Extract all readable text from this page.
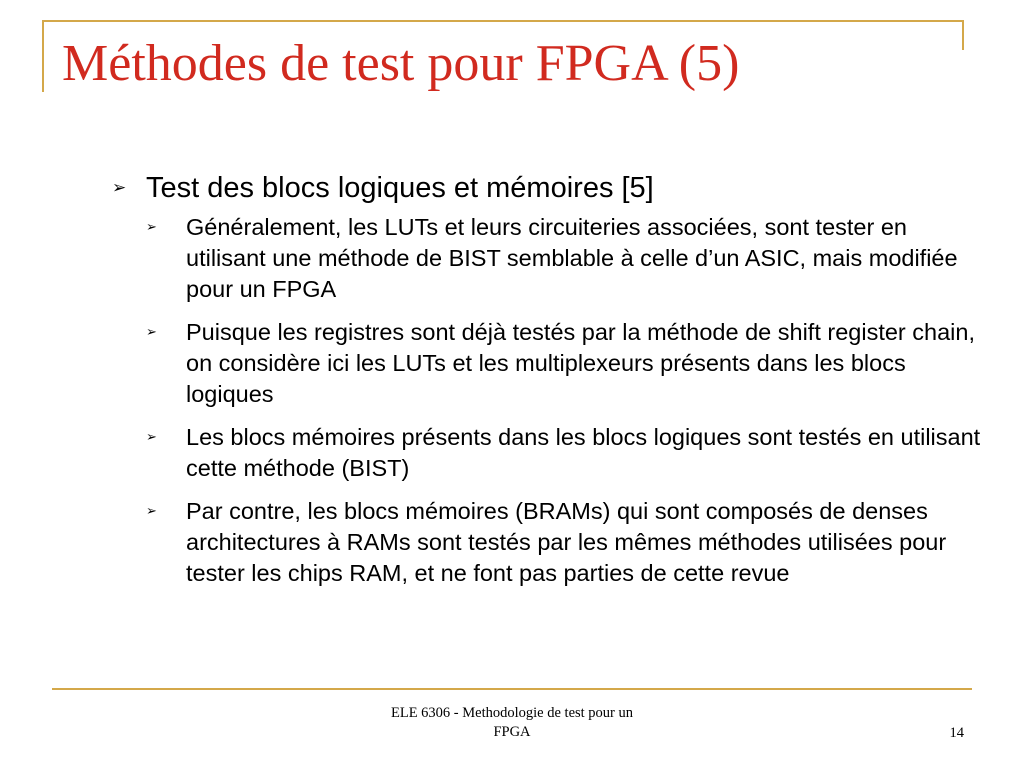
Méthodes de test pour FPGA (5)
➢ Test des blocs logiques et mémoires [5]
➢ Généralement, les LUTs et leurs circuiteries associées, sont tester en utilisant une méthode de BIST semblable à celle d’un ASIC, mais modifiée pour un FPGA
➢ Puisque les registres sont déjà testés par la méthode de shift register chain, on considère ici les LUTs et les multiplexeurs présents dans les blocs logiques
➢ Les blocs mémoires présents dans les blocs logiques sont testés en utilisant cette méthode (BIST)
➢ Par contre, les blocs mémoires (BRAMs) qui sont composés de denses architectures à RAMs sont testés par les mêmes méthodes utilisées pour tester les chips RAM, et ne font pas parties de cette revue
ELE 6306 - Methodologie de test pour un
FPGA	14
